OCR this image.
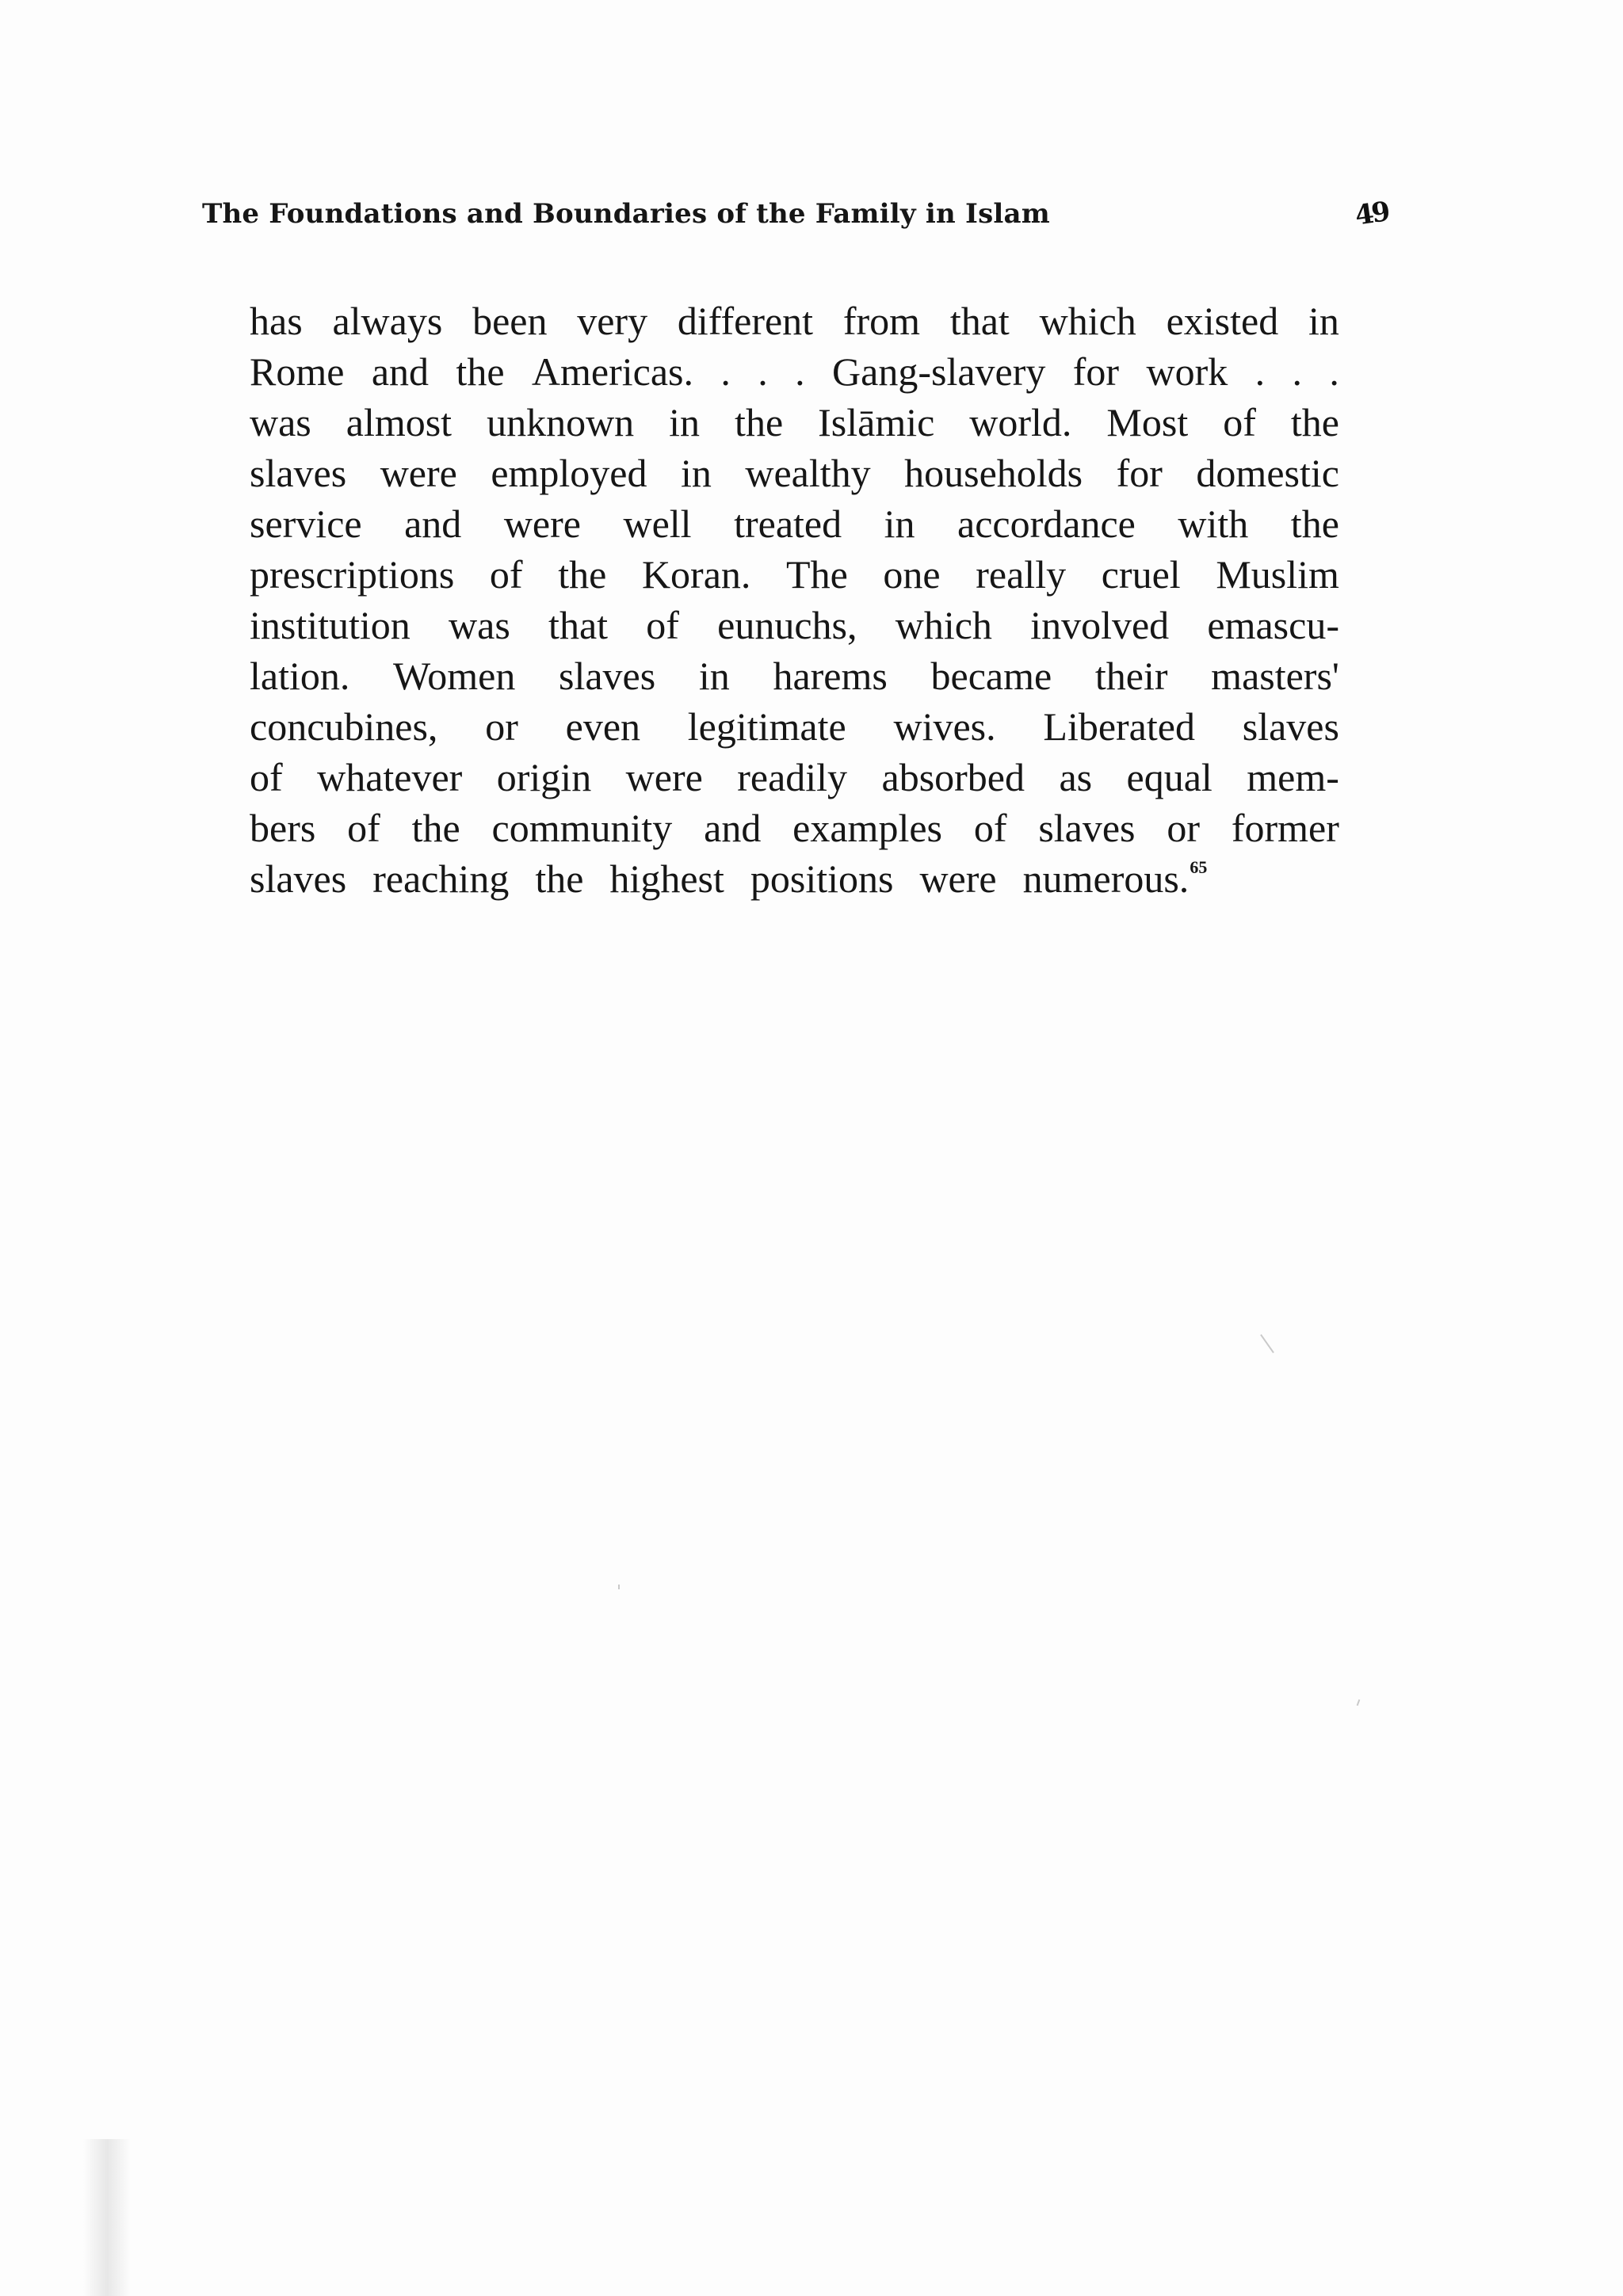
The Foundations and Boundaries of the Family in Islam	49
has always been very different from that which existed in
Rome and the Americas. . . . Gang-slavery for work . . .
was almost unknown in the Islāmic world. Most of the
slaves were employed in wealthy households for domestic
service and were well treated in accordance with the
prescriptions of the Koran. The one really cruel Muslim
institution was that of eunuchs, which involved emascu-
lation. Women slaves in harems became their masters'
concubines, or even legitimate wives. Liberated slaves
of whatever origin were readily absorbed as equal mem-
bers of the community and examples of slaves or former
slaves reaching the highest positions were numerous.$^{65}$
